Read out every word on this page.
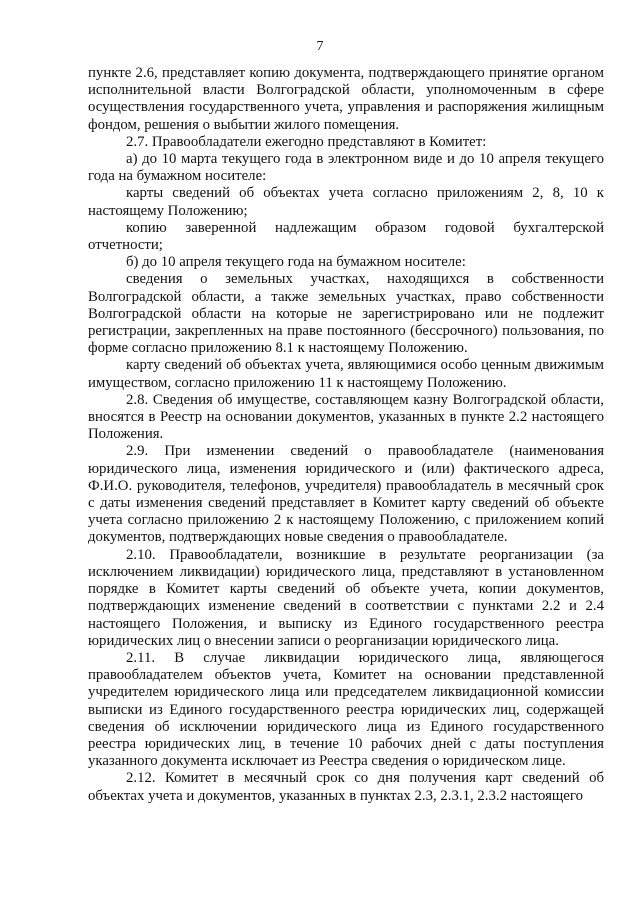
7

пункте 2.6, представляет копию документа, подтверждающего принятие органом исполнительной власти Волгоградской области, уполномоченным в сфере осуществления государственного учета, управления и распоряжения жилищным фондом, решения о выбытии жилого помещения.

2.7. Правообладатели ежегодно представляют в Комитет:

а) до 10 марта текущего года в электронном виде и до 10 апреля текущего года на бумажном носителе:

карты сведений об объектах учета согласно приложениям 2, 8, 10 к настоящему Положению;

копию заверенной надлежащим образом годовой бухгалтерской отчетности;

б) до 10 апреля текущего года на бумажном носителе:

сведения о земельных участках, находящихся в собственности Волгоградской области, а также земельных участках, право собственности Волгоградской области на которые не зарегистрировано или не подлежит регистрации, закрепленных на праве постоянного (бессрочного) пользования, по форме согласно приложению 8.1 к настоящему Положению.

карту сведений об объектах учета, являющимися особо ценным движимым имуществом, согласно приложению 11 к настоящему Положению.

2.8. Сведения об имуществе, составляющем казну Волгоградской области, вносятся в Реестр на основании документов, указанных в пункте 2.2 настоящего Положения.

2.9. При изменении сведений о правообладателе (наименования юридического лица, изменения юридического и (или) фактического адреса, Ф.И.О. руководителя, телефонов, учредителя) правообладатель в месячный срок с даты изменения сведений представляет в Комитет карту сведений об объекте учета согласно приложению 2 к настоящему Положению, с приложением копий документов, подтверждающих новые сведения о правообладателе.

2.10. Правообладатели, возникшие в результате реорганизации (за исключением ликвидации) юридического лица, представляют в установленном порядке в Комитет карты сведений об объекте учета, копии документов, подтверждающих изменение сведений в соответствии с пунктами 2.2 и 2.4 настоящего Положения, и выписку из Единого государственного реестра юридических лиц о внесении записи о реорганизации юридического лица.

2.11. В случае ликвидации юридического лица, являющегося правообладателем объектов учета, Комитет на основании представленной учредителем юридического лица или председателем ликвидационной комиссии выписки из Единого государственного реестра юридических лиц, содержащей сведения об исключении юридического лица из Единого государственного реестра юридических лиц, в течение 10 рабочих дней с даты поступления указанного документа исключает из Реестра сведения о юридическом лице.

2.12. Комитет в месячный срок со дня получения карт сведений об объектах учета и документов, указанных в пунктах 2.3, 2.3.1, 2.3.2 настоящего
